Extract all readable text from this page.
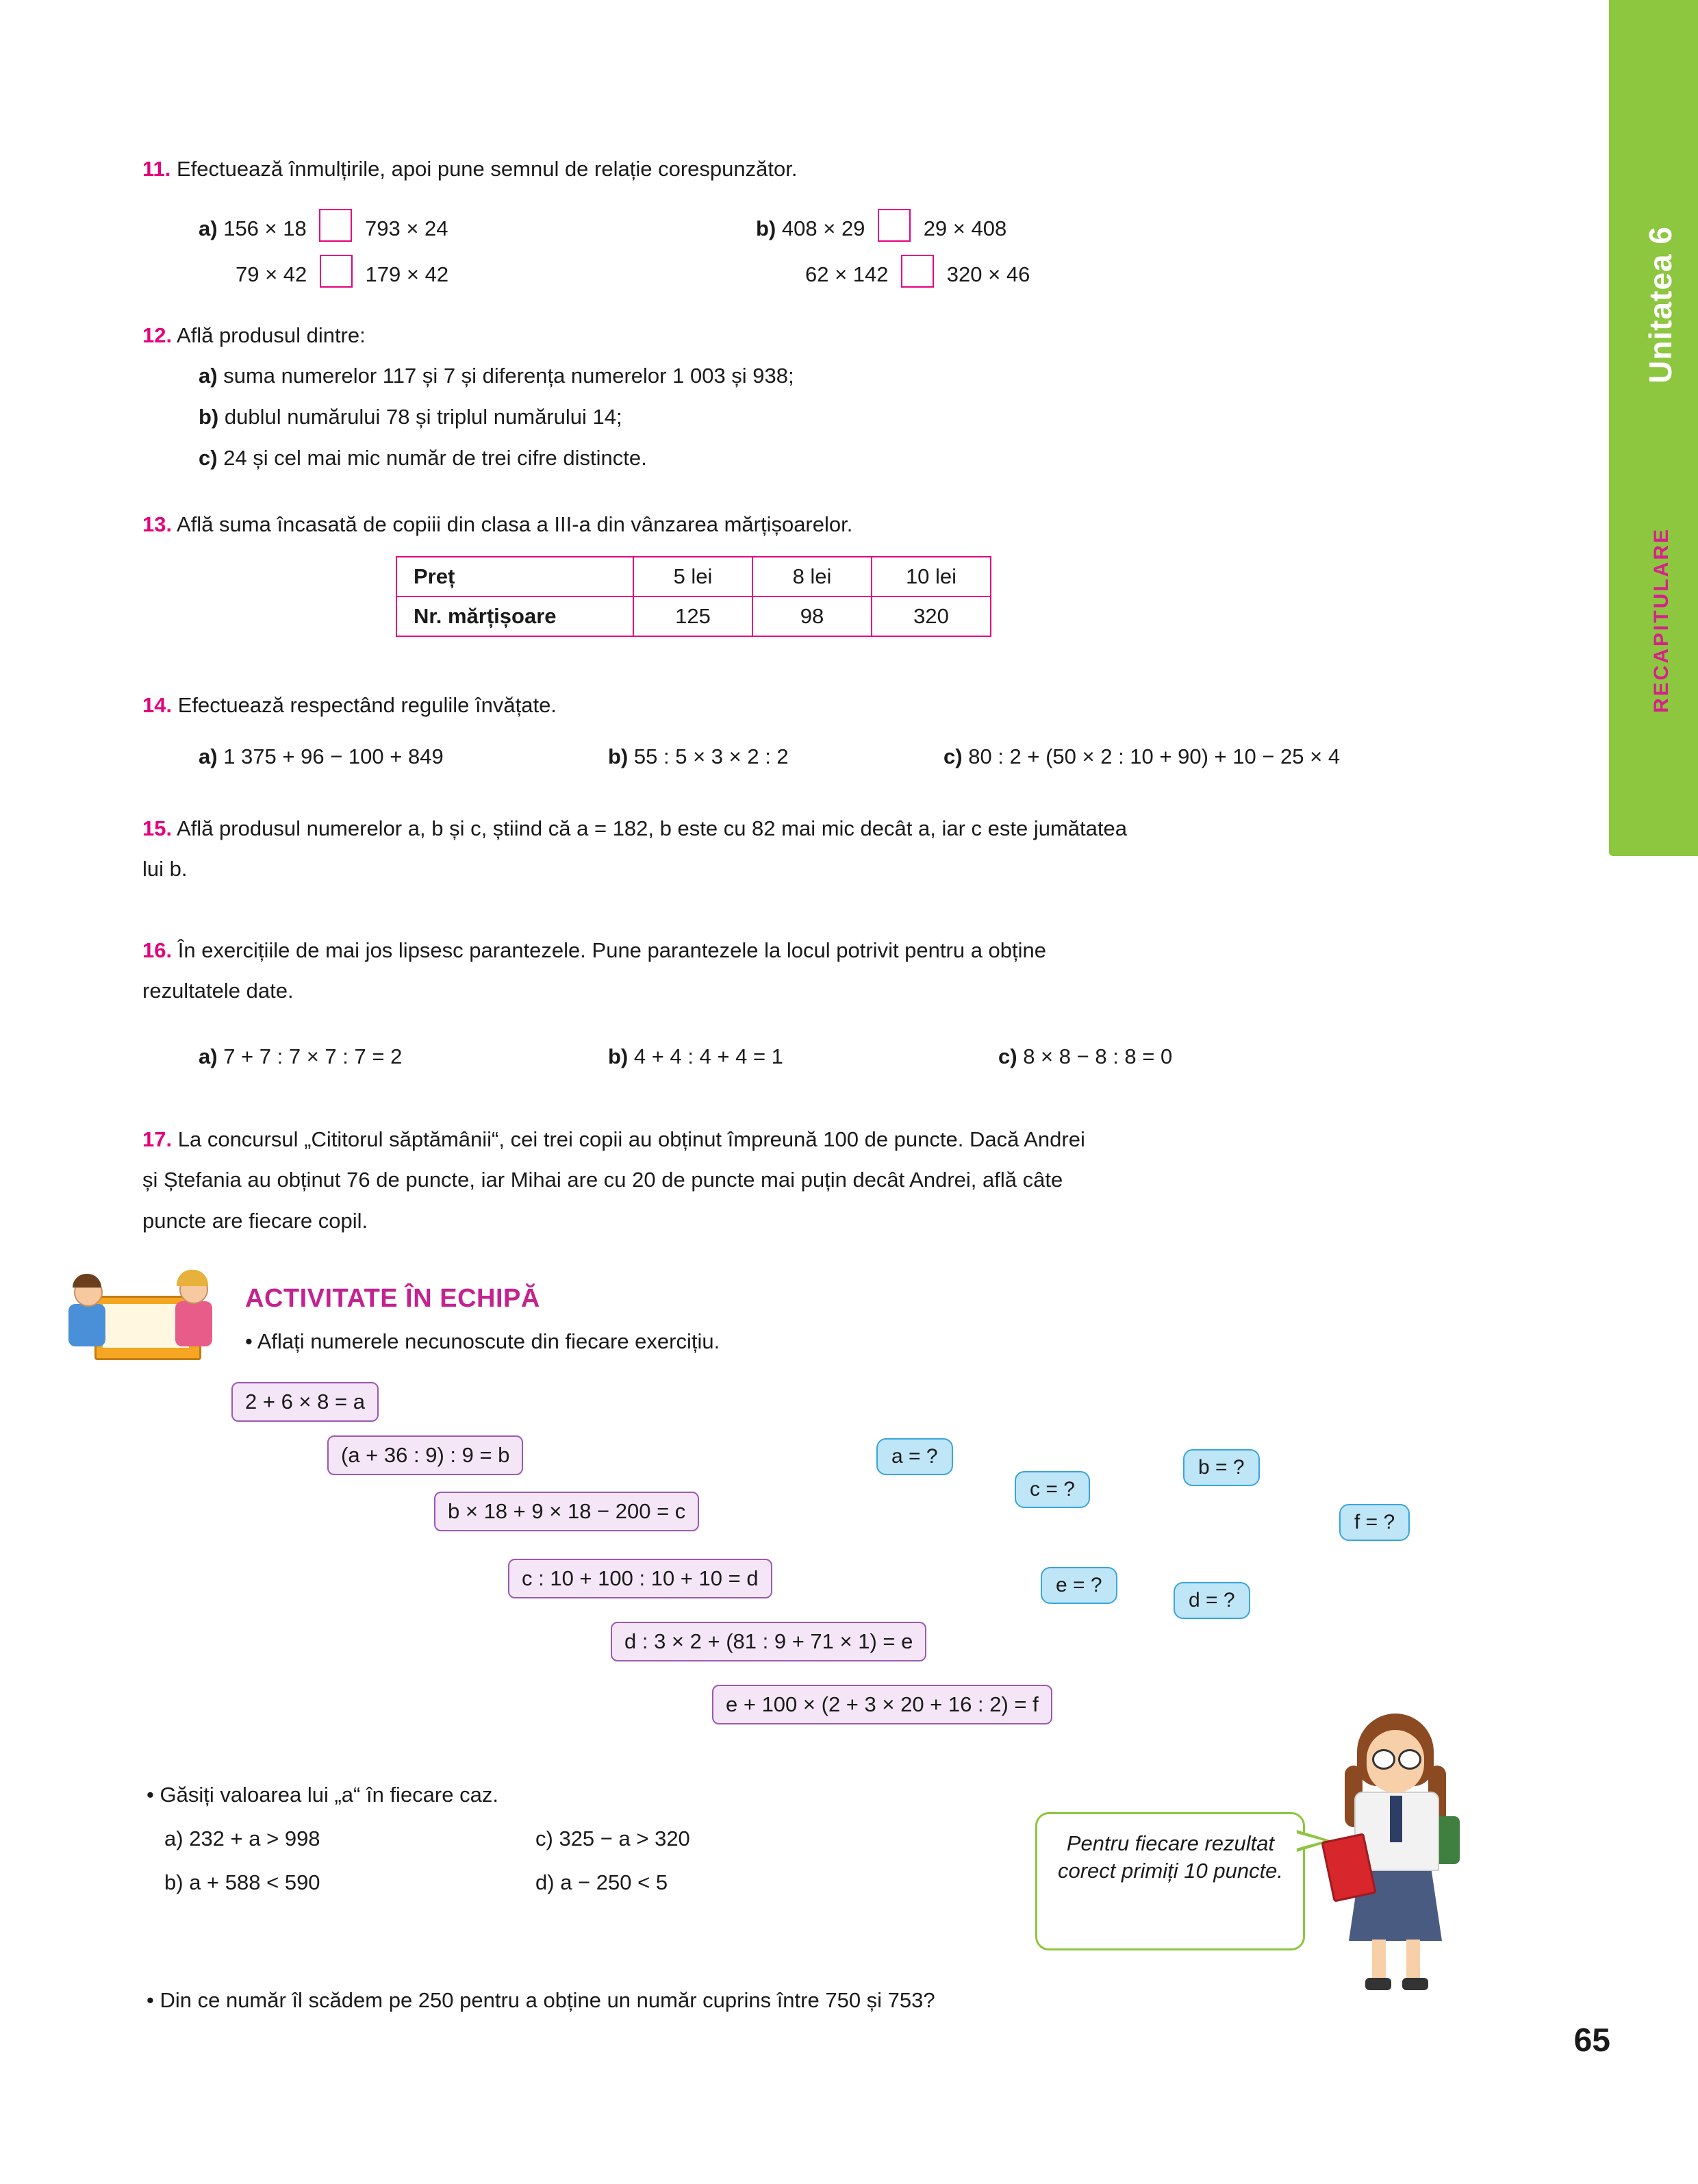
Unitatea 6
RECAPITULARE
11. Efectuează înmulțirile, apoi pune semnul de relație corespunzător.
a) 156 × 18	793 × 24	b) 408 × 29	29 × 408
79 × 42	179 × 42	62 × 142	320 × 46
12. Află produsul dintre:
a) suma numerelor 117 și 7 și diferența numerelor 1 003 și 938;
b) dublul numărului 78 și triplul numărului 14;
c) 24 și cel mai mic număr de trei cifre distincte.
13. Află suma încasată de copiii din clasa a III-a din vânzarea mărțișoarelor.
Preț	5 lei	8 lei	10 lei
Nr. mărțișoare	125	98	320
14. Efectuează respectând regulile învățate.
a) 1 375 + 96 − 100 + 849	b) 55 : 5 × 3 × 2 : 2	c) 80 : 2 + (50 × 2 : 10 + 90) + 10 − 25 × 4
15. Află produsul numerelor a, b și c, știind că a = 182, b este cu 82 mai mic decât a, iar c este jumătatea
lui b.
16. În exercițiile de mai jos lipsesc parantezele. Pune parantezele la locul potrivit pentru a obține
rezultatele date.
a) 7 + 7 : 7 × 7 : 7 = 2	b) 4 + 4 : 4 + 4 = 1	c) 8 × 8 − 8 : 8 = 0
17. La concursul „Cititorul săptămânii“, cei trei copii au obținut împreună 100 de puncte. Dacă Andrei
și Ștefania au obținut 76 de puncte, iar Mihai are cu 20 de puncte mai puțin decât Andrei, află câte
puncte are fiecare copil.
ACTIVITATE ÎN ECHIPĂ
• Aflați numerele necunoscute din fiecare exercițiu.
2 + 6 × 8 = a
(a + 36 : 9) : 9 = b
b × 18 + 9 × 18 − 200 = c
c : 10 + 100 : 10 + 10 = d
d : 3 × 2 + (81 : 9 + 71 × 1) = e
e + 100 × (2 + 3 × 20 + 16 : 2) = f
a = ?
c = ?
b = ?
f = ?
e = ?
d = ?
• Găsiți valoarea lui „a“ în fiecare caz.
a) 232 + a > 998	c) 325 − a > 320
b) a + 588 < 590	d) a − 250 < 5
Pentru fiecare rezultat corect primiți 10 puncte.
• Din ce număr îl scădem pe 250 pentru a obține un număr cuprins între 750 și 753?
65
